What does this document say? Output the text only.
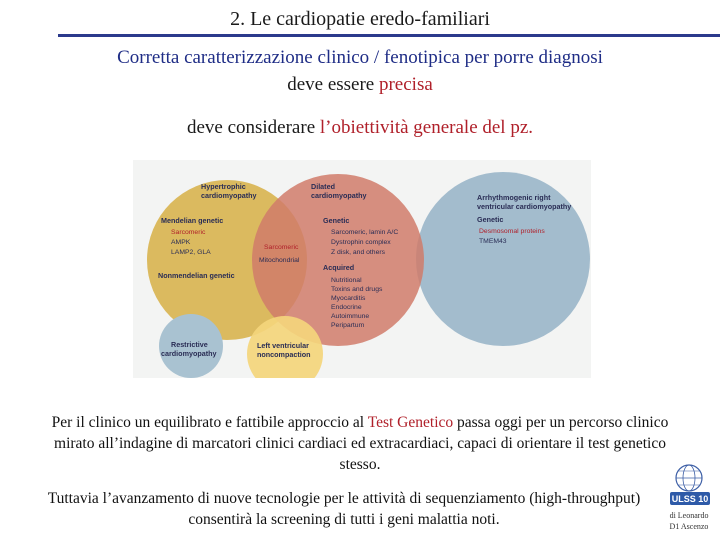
2. Le cardiopatie eredo-familiari
Corretta caratterizzazione clinico / fenotipica per porre diagnosi
deve essere precisa
deve considerare l’obiettività generale del pz.
Hypertrophic
cardiomyopathy
Mendelian genetic
Nonmendelian genetic
Dilated
cardiomyopathy
Genetic
Acquired
Arrhythmogenic right
ventricular cardiomyopathy
Genetic
Restrictive
cardiomyopathy
Left ventricular
noncompaction
Sarcomeric
AMPK
LAMP2, GLA
Sarcomeric
Mitochondrial
Sarcomeric, lamin A/C
Dystrophin complex
Z disk, and others
Nutritional
Toxins and drugs
Myocarditis
Endocrine
Autoimmune
Peripartum
Desmosomal proteins
TMEM43
Per il clinico un equilibrato e fattibile approccio al Test Genetico passa oggi per un percorso clinico mirato all’indagine di marcatori clinici cardiaci ed extracardiaci, capaci di orientare il test genetico stesso.
Tuttavia l’avanzamento di nuove tecnologie per le attività di sequenziamento (high-throughput) consentirà la screening di tutti i geni malattia noti.
ULSS 10
di Leonardo
D1 Ascenzo
